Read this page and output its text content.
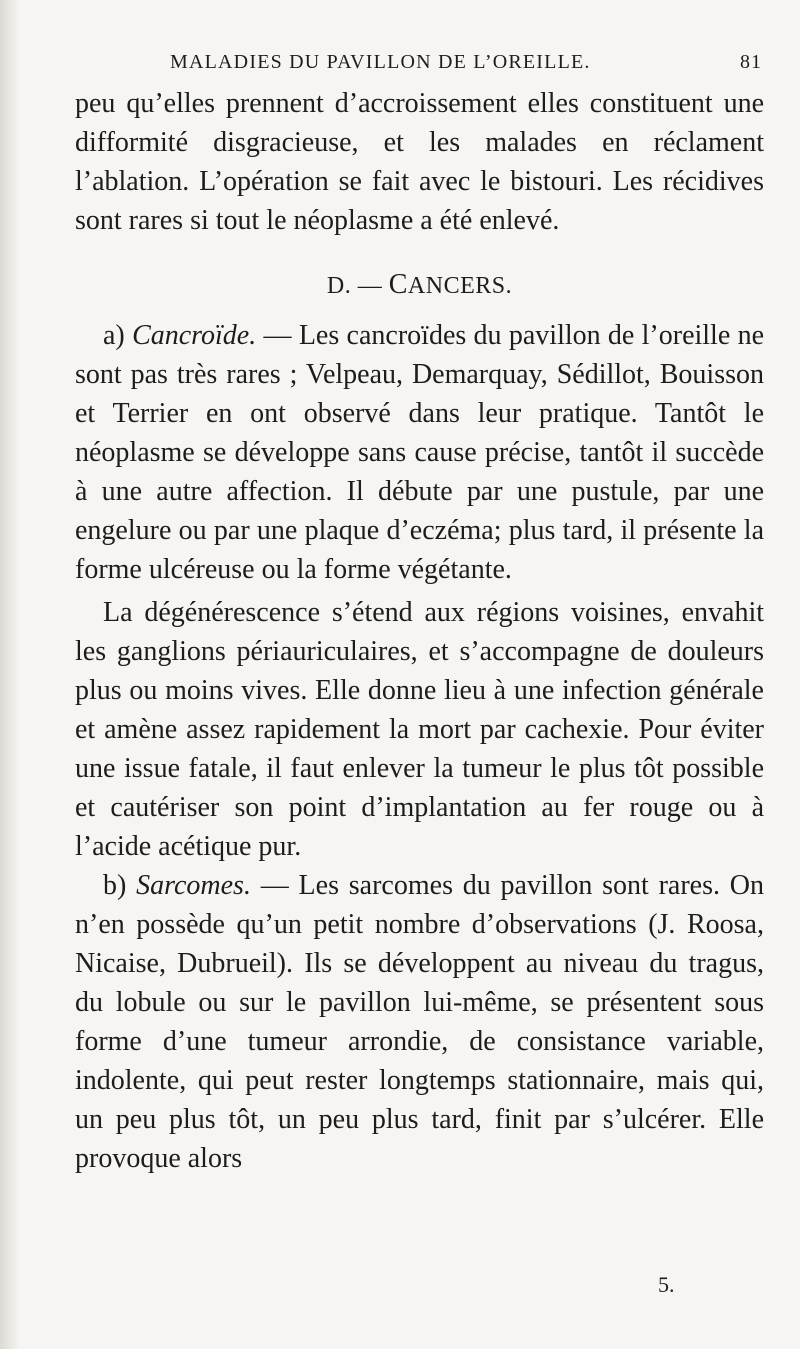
MALADIES DU PAVILLON DE L’OREILLE.	81

peu qu’elles prennent d’accroissement elles constituent une difformité disgracieuse, et les malades en réclament l’ablation. L’opération se fait avec le bistouri. Les récidives sont rares si tout le néoplasme a été enlevé.

D. — CANCERS.

a) Cancroïde. — Les cancroïdes du pavillon de l’oreille ne sont pas très rares ; Velpeau, Demarquay, Sédillot, Bouisson et Terrier en ont observé dans leur pratique. Tantôt le néoplasme se développe sans cause précise, tantôt il succède à une autre affection. Il débute par une pustule, par une engelure ou par une plaque d’eczéma; plus tard, il présente la forme ulcéreuse ou la forme végétante.

La dégénérescence s’étend aux régions voisines, envahit les ganglions périauriculaires, et s’accompagne de douleurs plus ou moins vives. Elle donne lieu à une infection générale et amène assez rapidement la mort par cachexie. Pour éviter une issue fatale, il faut enlever la tumeur le plus tôt possible et cautériser son point d’implantation au fer rouge ou à l’acide acétique pur.

b) Sarcomes. — Les sarcomes du pavillon sont rares. On n’en possède qu’un petit nombre d’observations (J. Roosa, Nicaise, Dubrueil). Ils se développent au niveau du tragus, du lobule ou sur le pavillon lui-même, se présentent sous forme d’une tumeur arrondie, de consistance variable, indolente, qui peut rester longtemps stationnaire, mais qui, un peu plus tôt, un peu plus tard, finit par s’ulcérer. Elle provoque alors

5.
